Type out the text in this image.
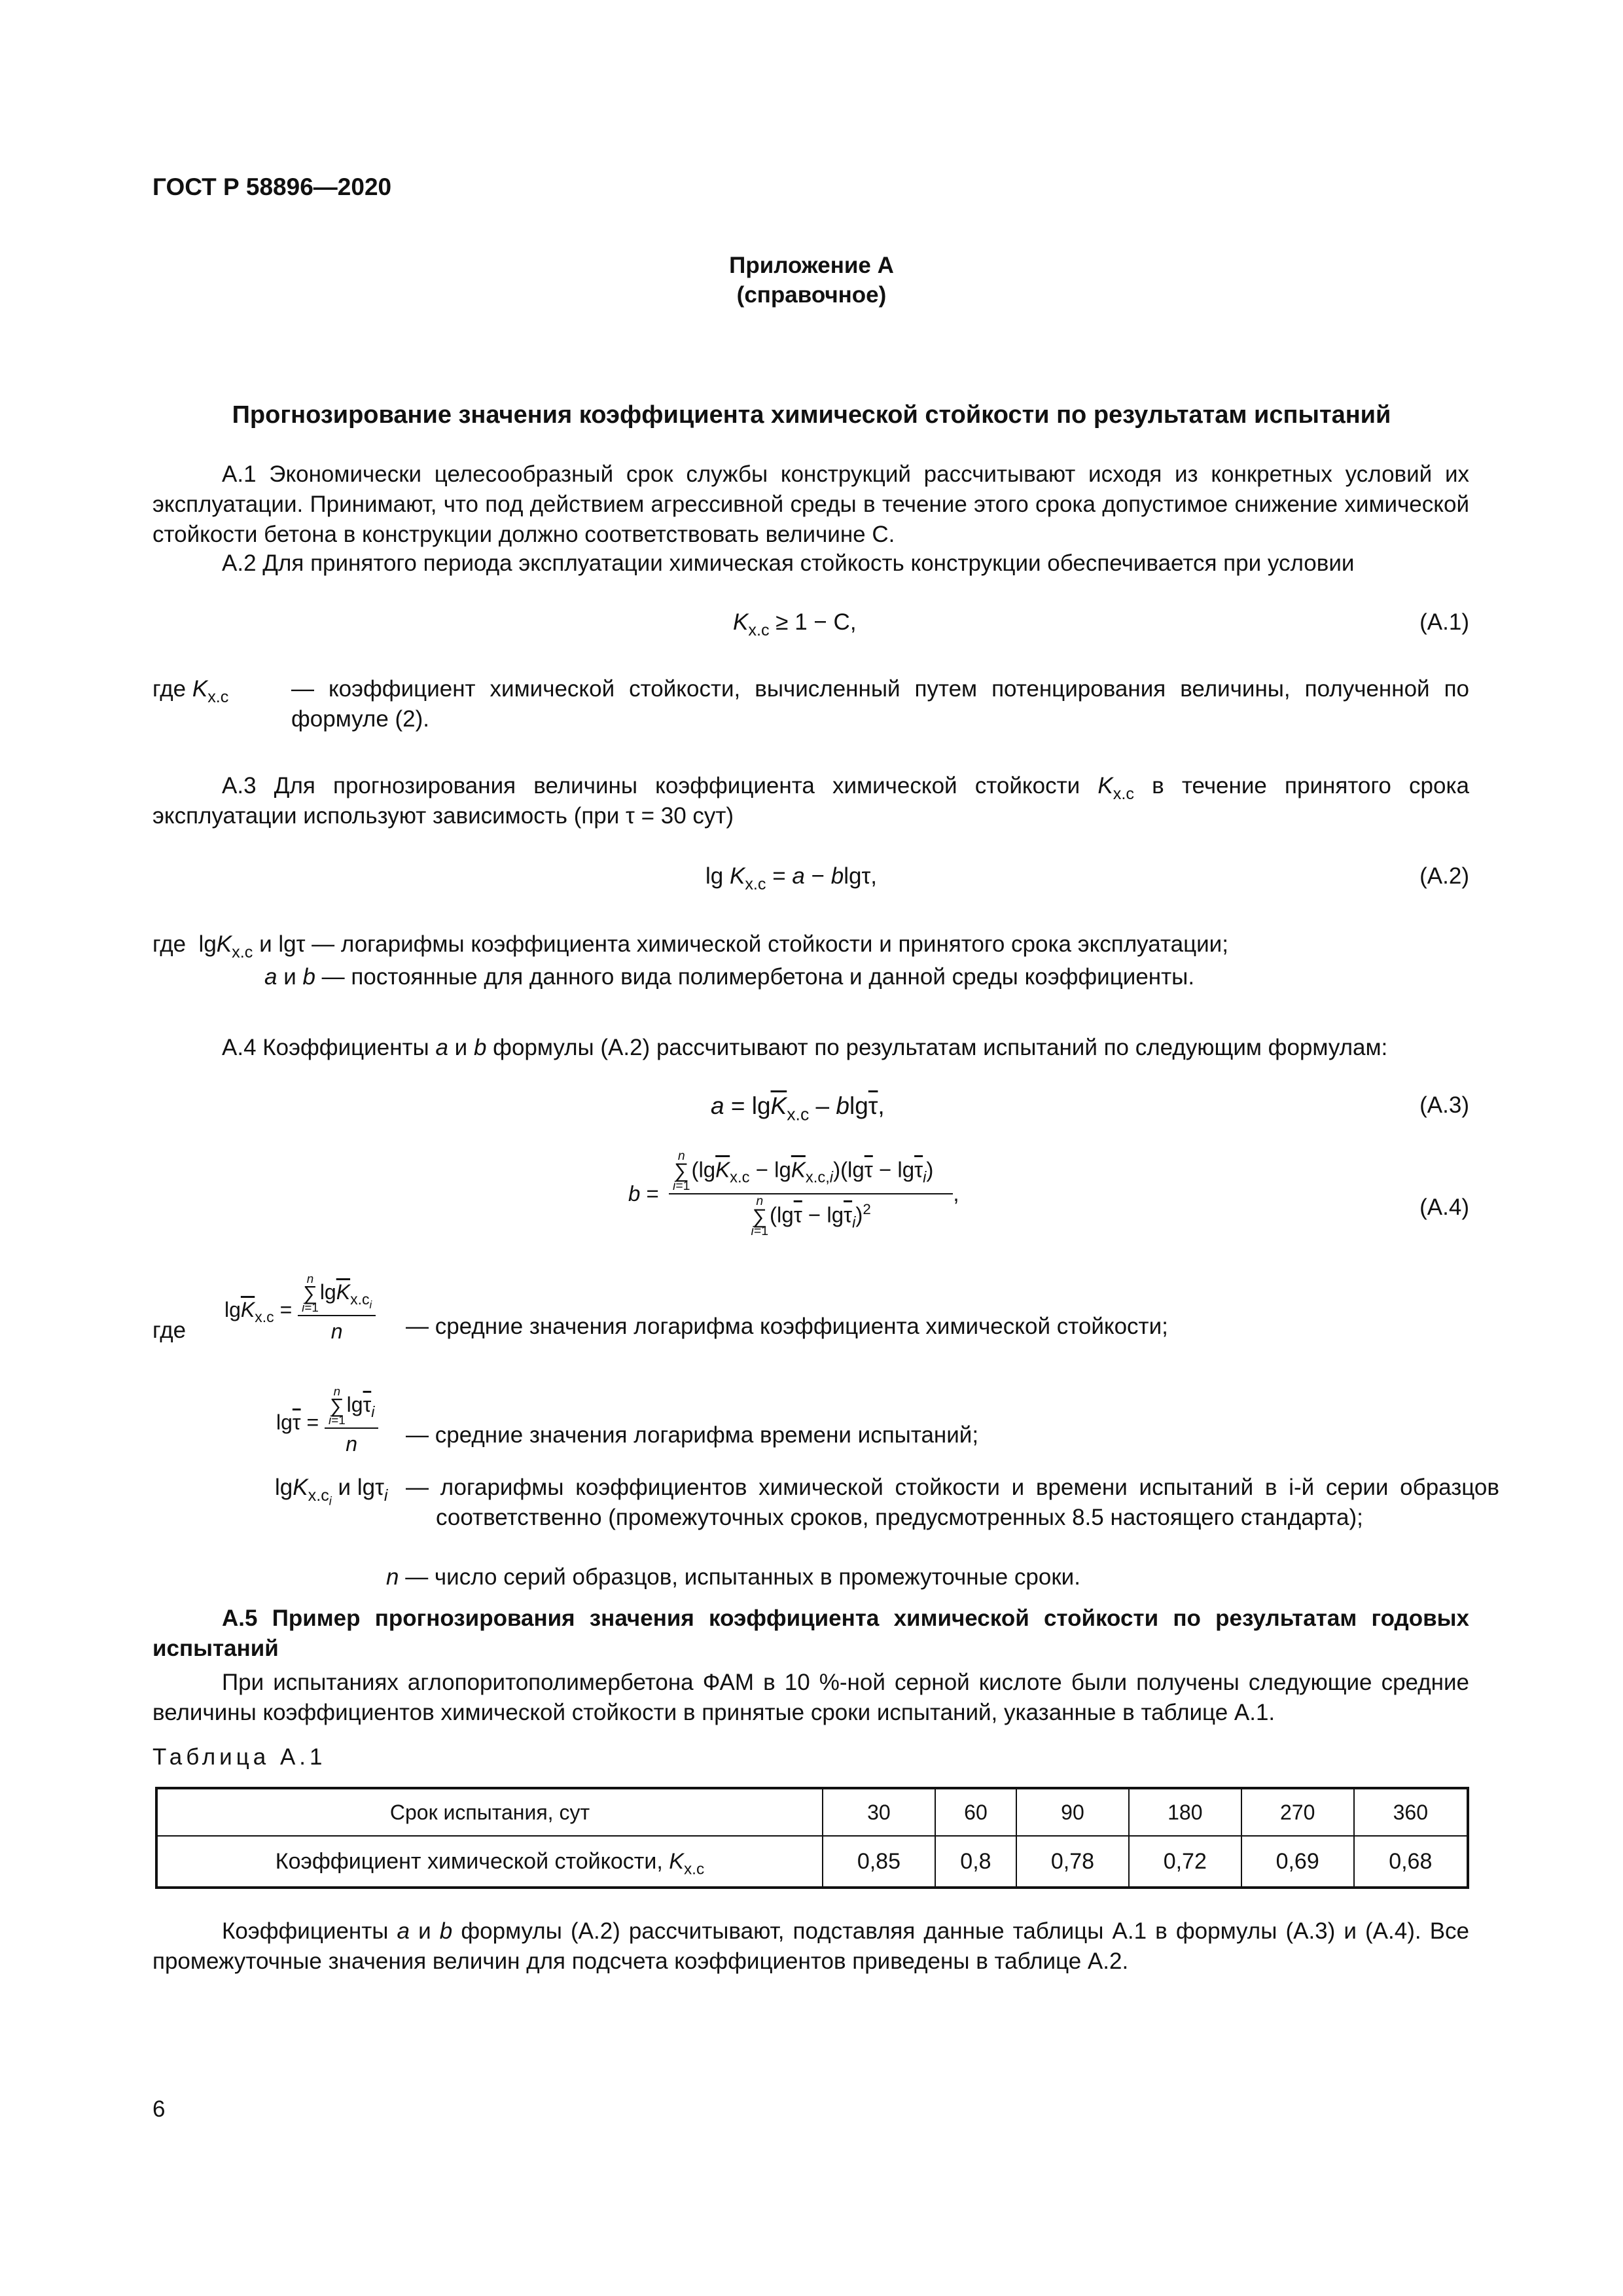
ГОСТ Р 58896—2020
Приложение А
(справочное)
Прогнозирование значения коэффициента химической стойкости по результатам испытаний
А.1 Экономически целесообразный срок службы конструкций рассчитывают исходя из конкретных условий их эксплуатации. Принимают, что под действием агрессивной среды в течение этого срока допустимое снижение химической стойкости бетона в конструкции должно соответствовать величине С.
А.2 Для принятого периода эксплуатации химическая стойкость конструкции обеспечивается при условии
$K_{х.с} \ge 1 - C$,	(А.1)
где $K_{х.с}$	— коэффициент химической стойкости, вычисленный путем потенцирования величины, полученной по формуле (2).
А.3 Для прогнозирования величины коэффициента химической стойкости $K_{х.с}$ в течение принятого срока эксплуатации используют зависимость (при τ = 30 сут)
$\lg K_{х.с} = a - blg\tau$,	(А.2)
где lgK$_{х.с}$ и lgτ — логарифмы коэффициента химической стойкости и принятого срока эксплуатации;
a и b — постоянные для данного вида полимербетона и данной среды коэффициенты.
А.4 Коэффициенты a и b формулы (А.2) рассчитывают по результатам испытаний по следующим формулам:
$a = \lg\overline{K}_{х.с} - blg\overline{\tau}$,	(А.3)
b = n
∑
i=1
$(\lg\overline{K}_{х.с} - \lg\overline{K}_{х.с,i})(\lg\overline{\tau} - \lg\overline{\tau}_i)$
n
∑
i=1
$(\lg\overline{\tau} - \lg\overline{\tau}_i)^2$ ,
(А.4)
где
$\lg\overline{K}_{х.с} = n$
∑
i=1
$\lg\overline{K}_{х.с_i}$
n — средние значения логарифма коэффициента химической стойкости;
$\lg\overline{\tau} = n$
∑
i=1
$\lg\overline{\tau}_i$
n — средние значения логарифма времени испытаний;
lgK$_{х.с_i}$ и lgτ$_i$ — логарифмы коэффициентов химической стойкости и времени испытаний в i-й серии образцов соответственно (промежуточных сроков, предусмотренных 8.5 настоящего стандарта);
n — число серий образцов, испытанных в промежуточные сроки.
А.5 Пример прогнозирования значения коэффициента химической стойкости по результатам годовых испытаний
При испытаниях аглопоритополимербетона ФАМ в 10 %-ной серной кислоте были получены следующие средние величины коэффициентов химической стойкости в принятые сроки испытаний, указанные в таблице А.1.
Таблица А.1
Срок испытания, сут	30	60	90	180	270	360
Коэффициент химической стойкости, $K_{х.с}$	0,85	0,8	0,78	0,72	0,69	0,68
Коэффициенты a и b формулы (А.2) рассчитывают, подставляя данные таблицы А.1 в формулы (А.3) и (А.4). Все промежуточные значения величин для подсчета коэффициентов приведены в таблице А.2.
6
